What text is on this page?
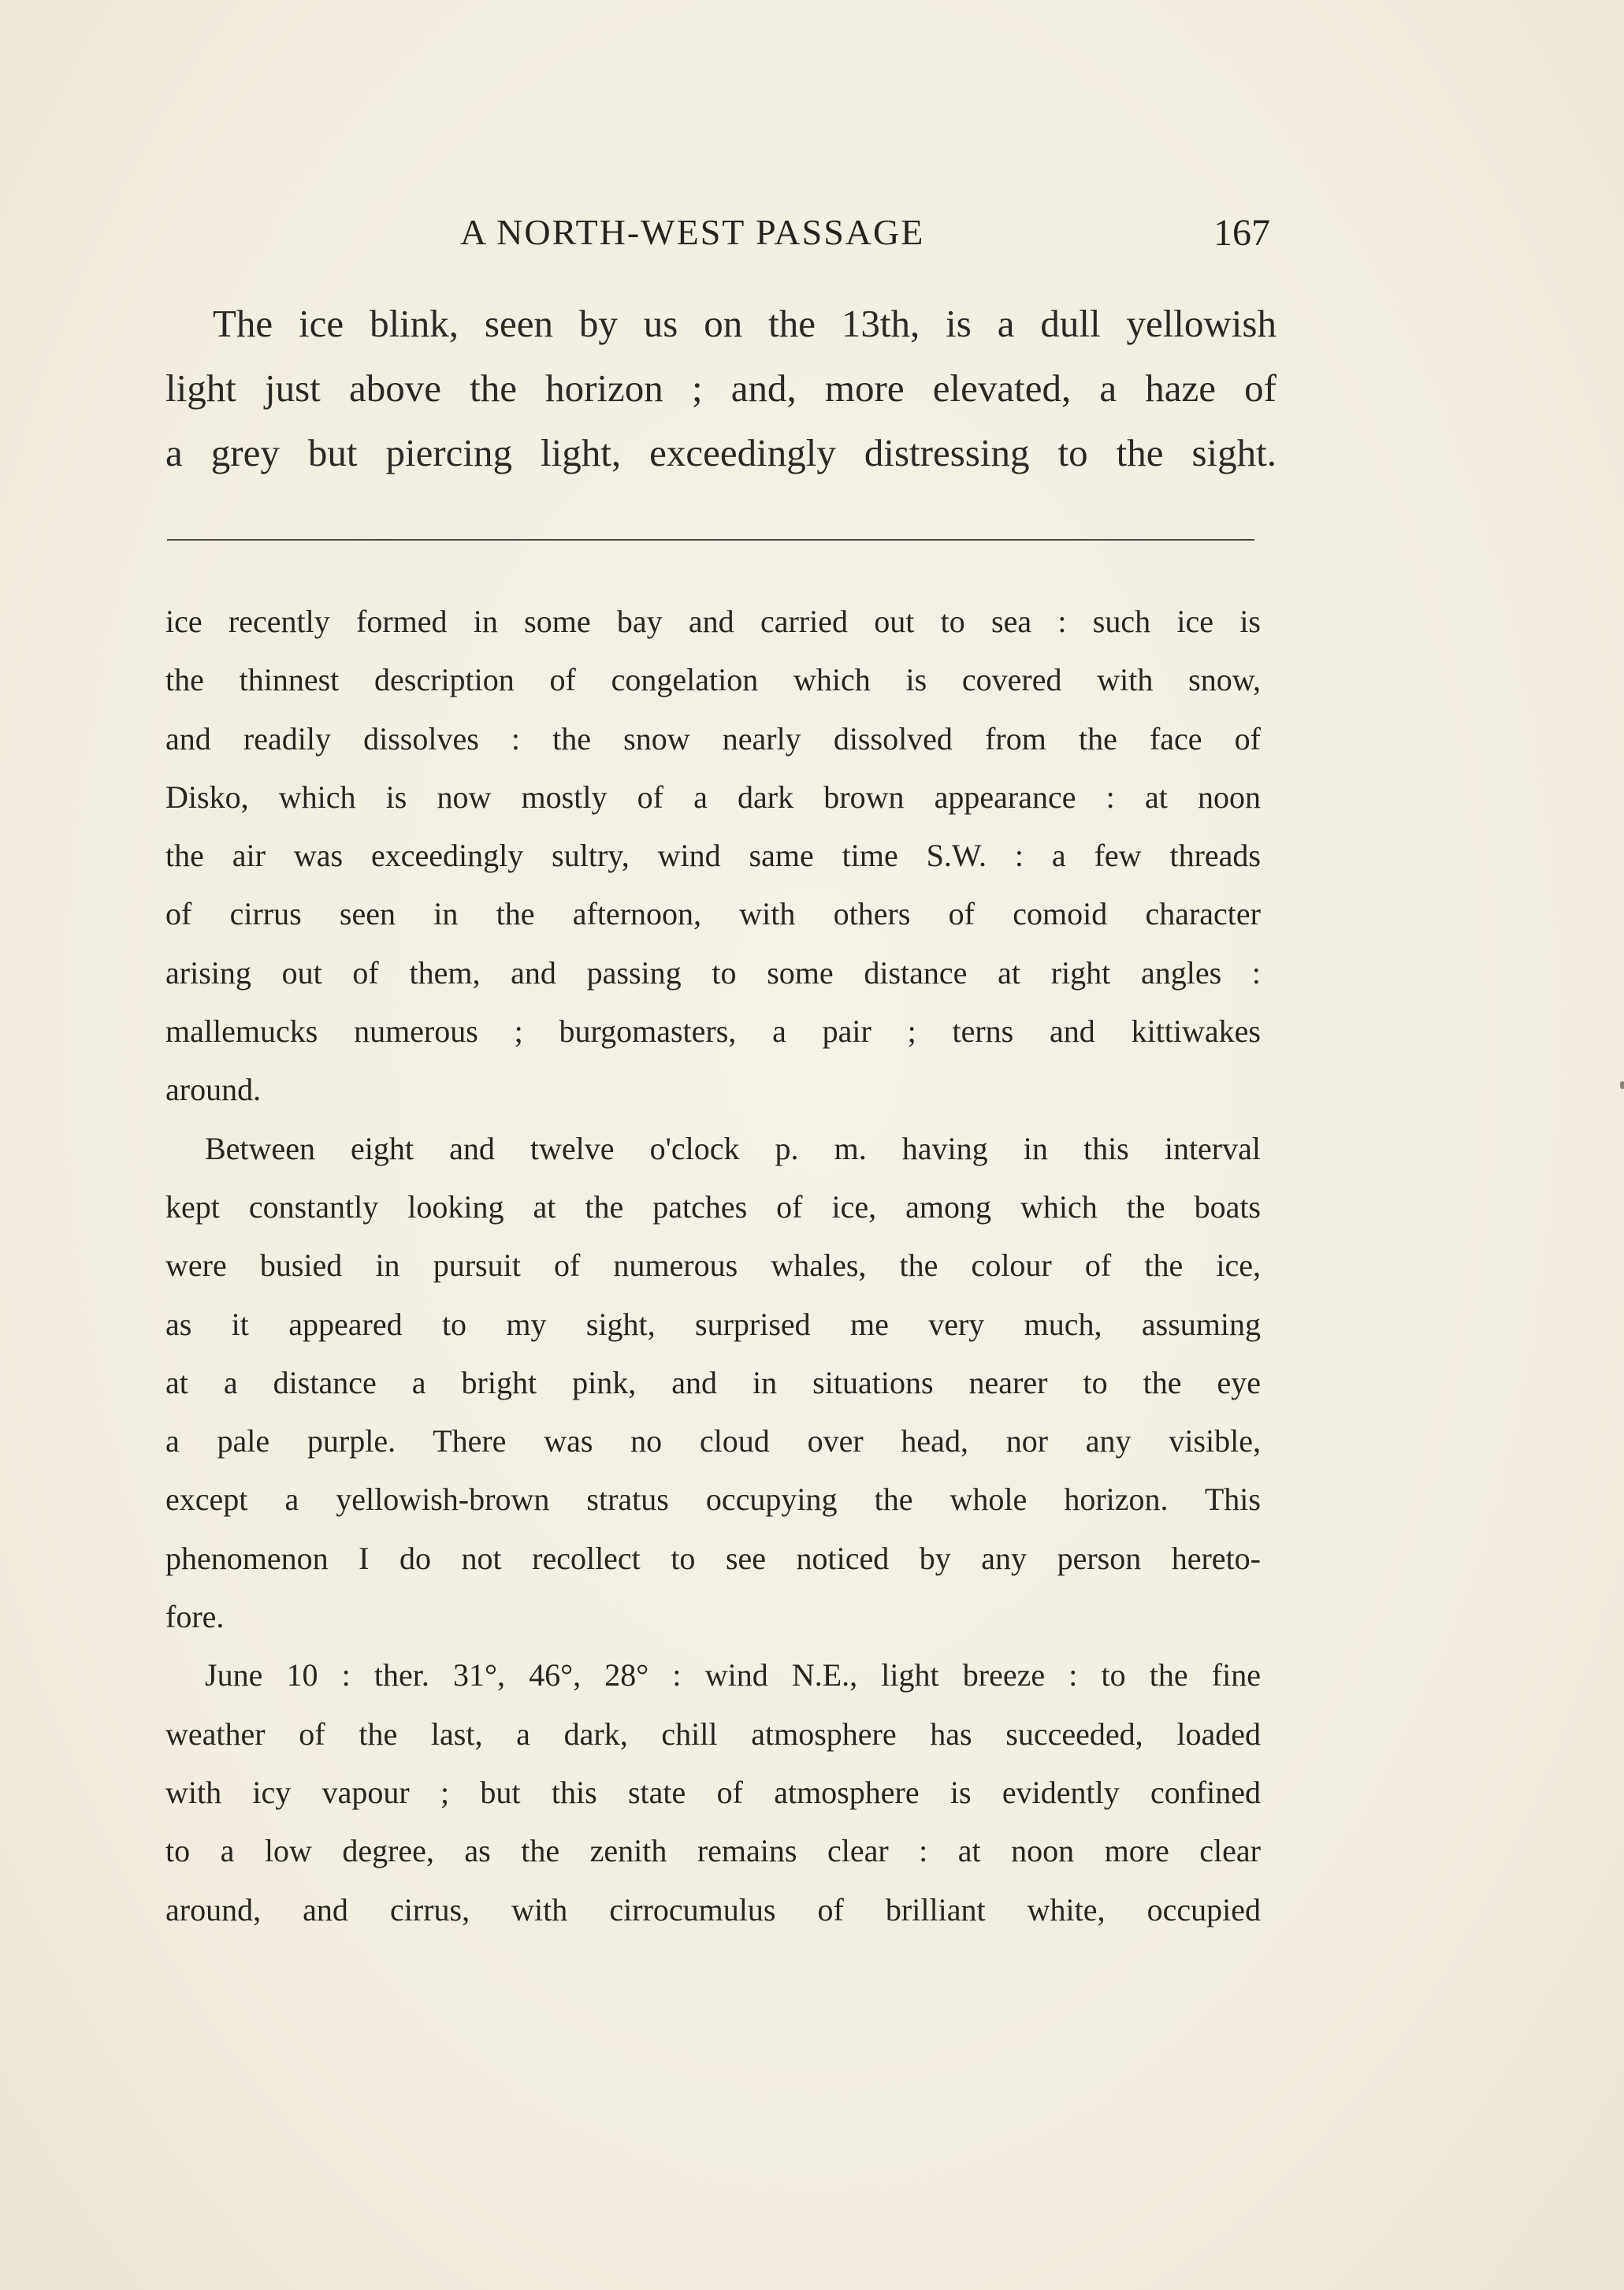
A NORTH-WEST PASSAGE	167
The ice blink, seen by us on the 13th, is a dull yellowish
light just above the horizon ; and, more elevated, a haze of
a grey but piercing light, exceedingly distressing to the sight.
ice recently formed in some bay and carried out to sea : such ice is
the thinnest description of congelation which is covered with snow,
and readily dissolves : the snow nearly dissolved from the face of
Disko, which is now mostly of a dark brown appearance : at noon
the air was exceedingly sultry, wind same time S.W. : a few threads
of cirrus seen in the afternoon, with others of comoid character
arising out of them, and passing to some distance at right angles :
mallemucks numerous ; burgomasters, a pair ; terns and kittiwakes
around.
Between eight and twelve o'clock p. m. having in this interval
kept constantly looking at the patches of ice, among which the boats
were busied in pursuit of numerous whales, the colour of the ice,
as it appeared to my sight, surprised me very much, assuming
at a distance a bright pink, and in situations nearer to the eye
a pale purple. There was no cloud over head, nor any visible,
except a yellowish-brown stratus occupying the whole horizon. This
phenomenon I do not recollect to see noticed by any person hereto-
fore.
June 10 : ther. 31°, 46°, 28° : wind N.E., light breeze : to the fine
weather of the last, a dark, chill atmosphere has succeeded, loaded
with icy vapour ; but this state of atmosphere is evidently confined
to a low degree, as the zenith remains clear : at noon more clear
around, and cirrus, with cirrocumulus of brilliant white, occupied
